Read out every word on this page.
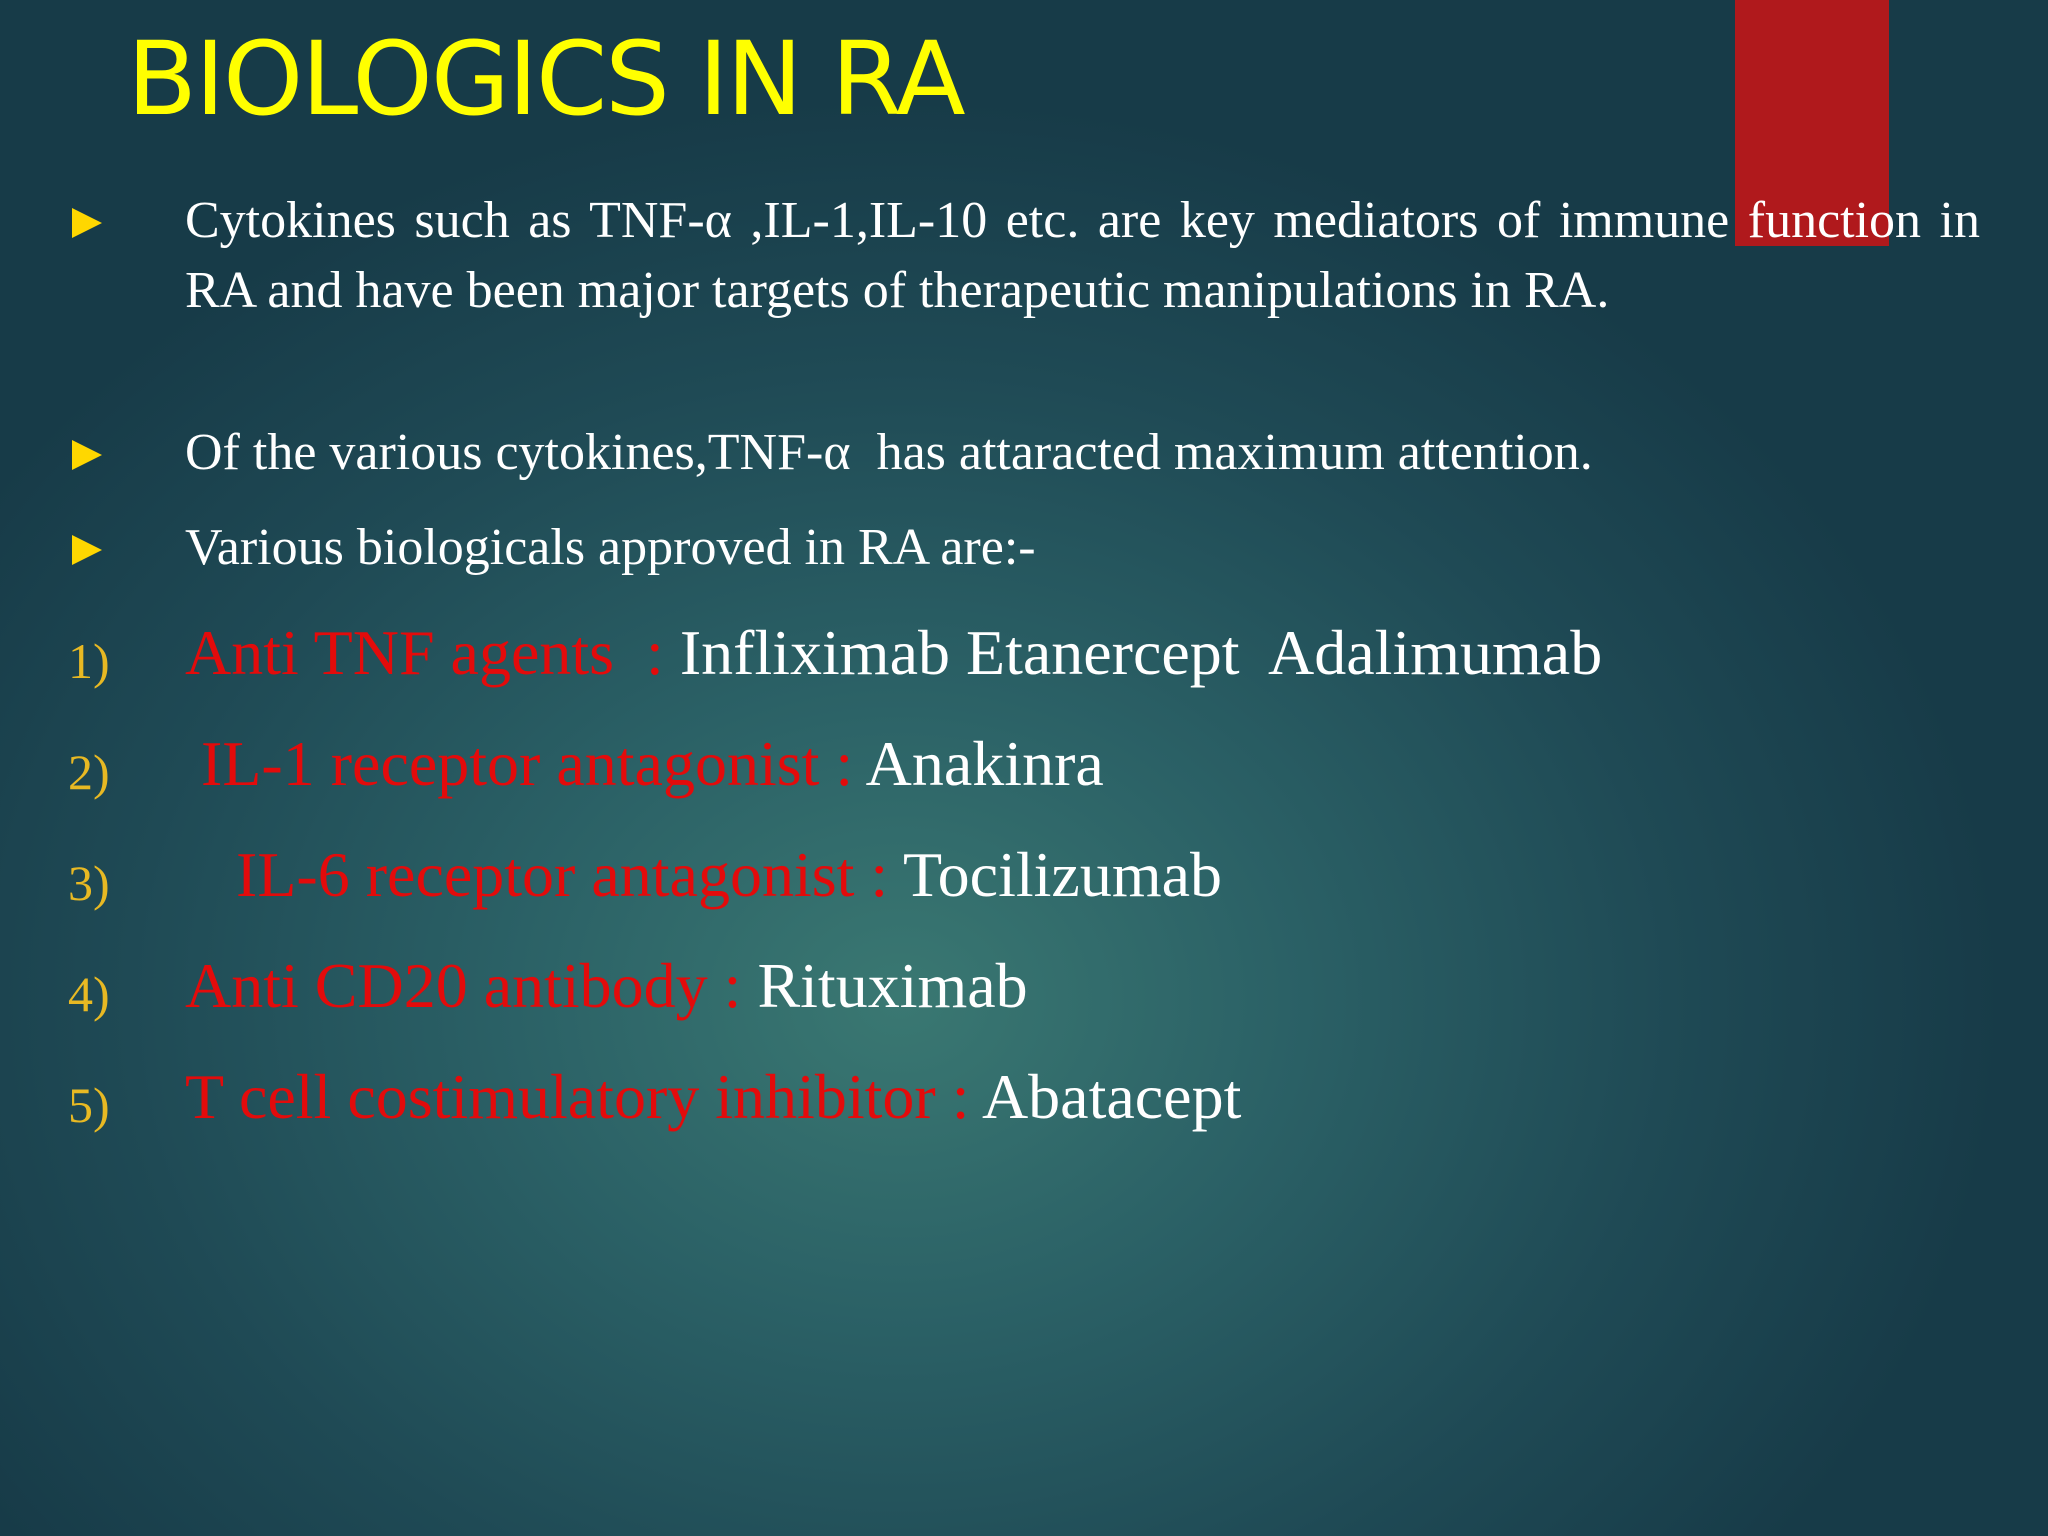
BIOLOGICS IN RA
Cytokines such as TNF-α ,IL-1,IL-10 etc. are key mediators of immune function in RA and have been major targets of therapeutic manipulations in RA.
Of the various cytokines,TNF-α  has attaracted maximum attention.
Various biologicals approved in RA are:-
1) Anti TNF agents  : Infliximab Etanercept  Adalimumab
2) IL-1 receptor antagonist : Anakinra
3) IL-6 receptor antagonist : Tocilizumab
4) Anti CD20 antibody : Rituximab
5) T cell costimulatory inhibitor : Abatacept
